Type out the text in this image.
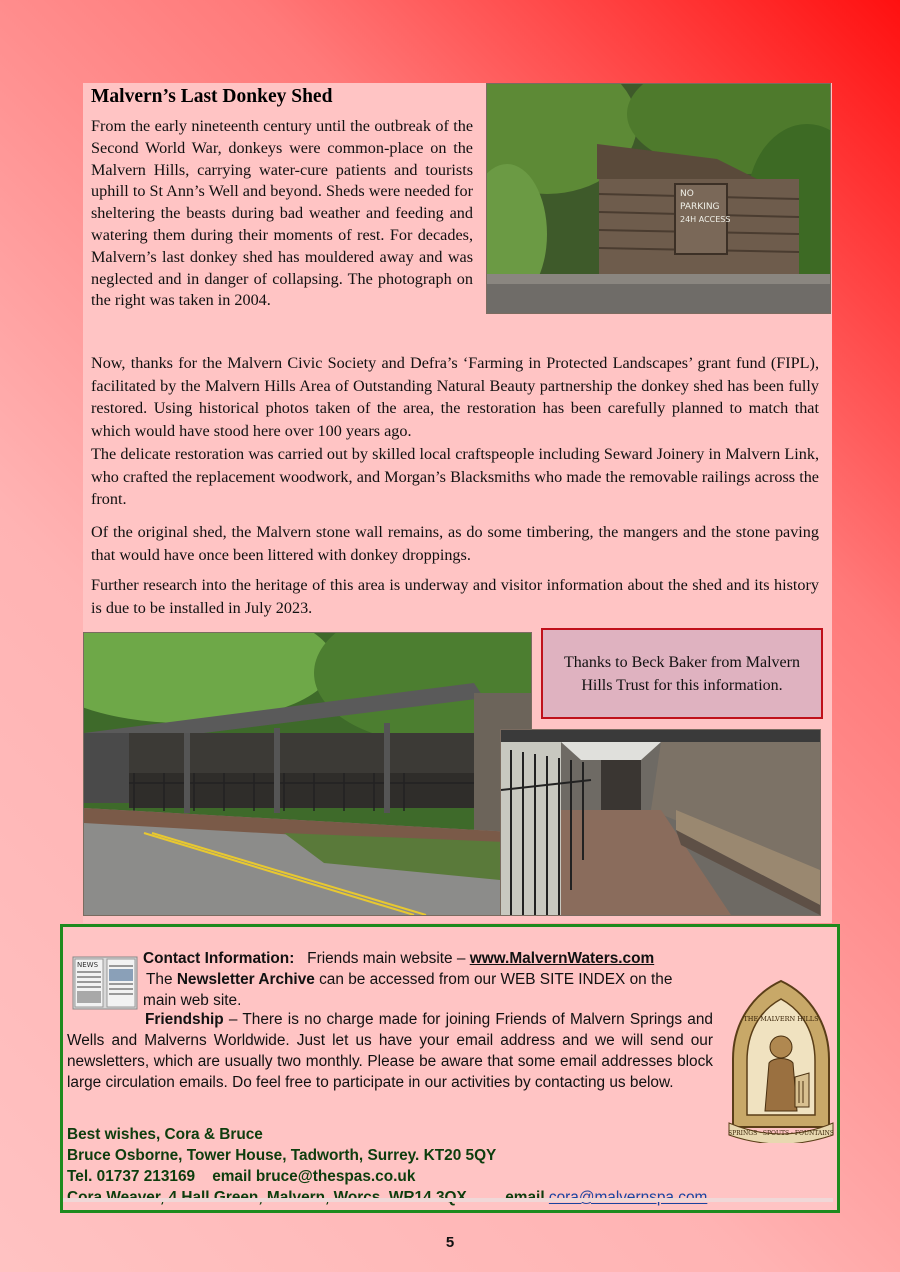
Malvern’s Last Donkey Shed

From the early nineteenth century until the outbreak of the Second World War, donkeys were common-place on the Malvern Hills, carrying water-cure patients and tourists uphill to St Ann’s Well and beyond. Sheds were needed for sheltering the beasts during bad weather and feeding and watering them during their moments of rest. For decades, Malvern’s last donkey shed has mouldered away and was neglected and in danger of collapsing. The photograph on the right was taken in 2004.

NO
PARKING
24H ACCESS

Now, thanks for the Malvern Civic Society and Defra’s ‘Farming in Protected Landscapes’ grant fund (FIPL), facilitated by the Malvern Hills Area of Outstanding Natural Beauty partnership the donkey shed has been fully restored. Using historical photos taken of the area, the restoration has been carefully planned to match that which would have stood here over 100 years ago.

The delicate restoration was carried out by skilled local craftspeople including Seward Joinery in Malvern Link, who crafted the replacement woodwork, and Morgan’s Blacksmiths who made the removable railings across the front.

Of the original shed, the Malvern stone wall remains, as do some timbering, the mangers and the stone paving that would have once been littered with donkey droppings.

Further research into the heritage of this area is underway and visitor information about the shed and its history is due to be installed in July 2023.

Thanks to Beck Baker from Malvern Hills Trust for this information.
NEWS	Contact Information: Friends main website – www.MalvernWaters.com
The Newsletter Archive can be accessed from our WEB SITE INDEX on the
main web site.

Friendship – There is no charge made for joining Friends of Malvern Springs and Wells and Malverns Worldwide. Just let us have your email address and we will send our newsletters, which are usually two monthly. Please be aware that some email addresses block large circulation emails. Do feel free to participate in our activities by contacting us below.

Best wishes, Cora & Bruce
Bruce Osborne, Tower House, Tadworth, Surrey. KT20 5QY
Tel. 01737 213169 email bruce@thespas.co.uk

THE MALVERN HILLS
SPRINGS · SPOUTS · FOUNTAINS
5
